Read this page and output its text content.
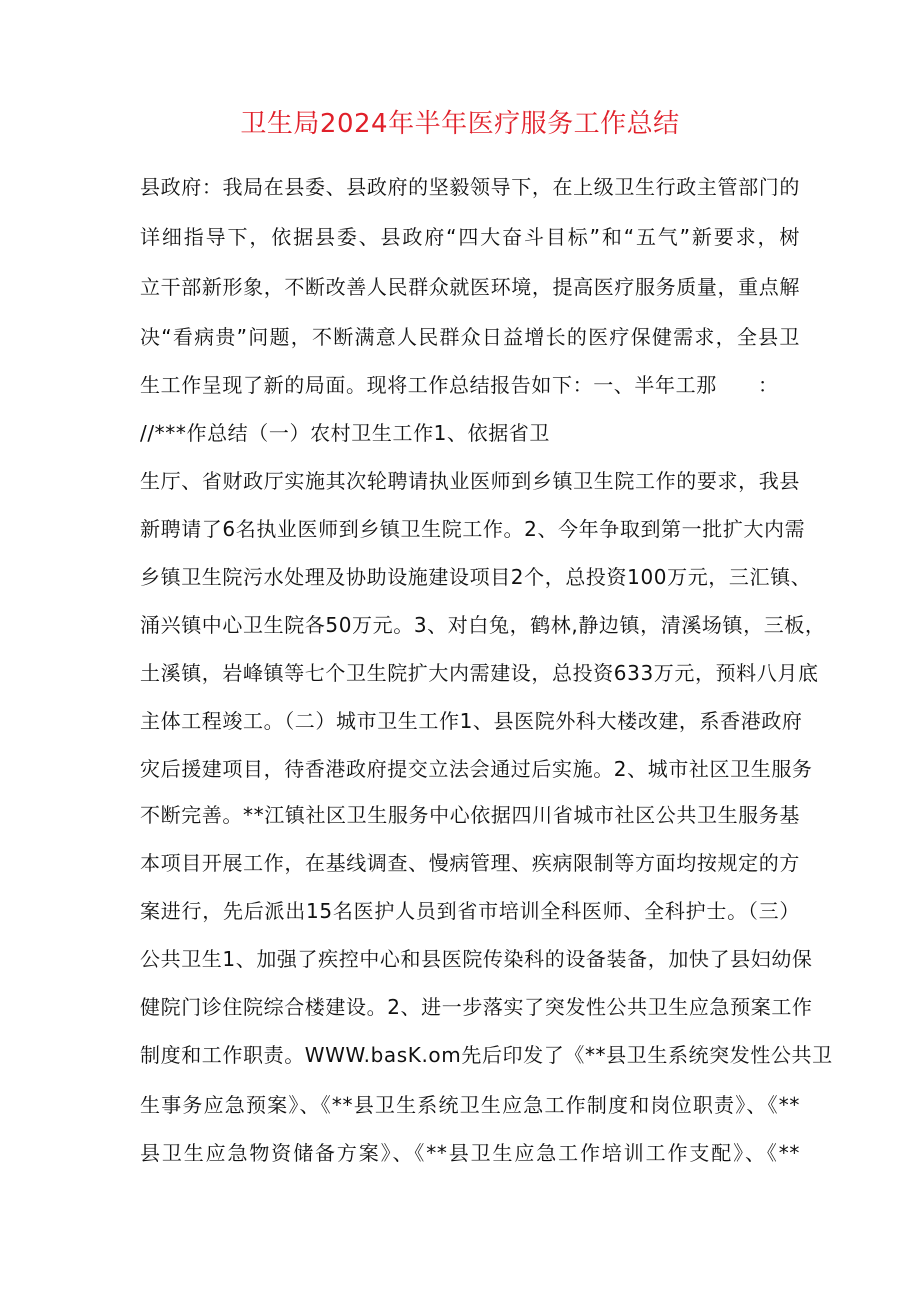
卫生局2024年半年医疗服务工作总结
县政府：我局在县委、县政府的坚毅领导下，在上级卫生行政主管部门的
详细指导下，依据县委、县政府“四大奋斗目标”和“五气”新要求，树
立干部新形象，不断改善人民群众就医环境，提高医疗服务质量，重点解
决“看病贵”问题，不断满意人民群众日益增长的医疗保健需求，全县卫
生工作呈现了新的局面。现将工作总结报告如下：一、半年工那　　：
//***作总结（一）农村卫生工作1、依据省卫
生厅、省财政厅实施其次轮聘请执业医师到乡镇卫生院工作的要求，我县
新聘请了6名执业医师到乡镇卫生院工作。2、今年争取到第一批扩大内需
乡镇卫生院污水处理及协助设施建设项目2个，总投资100万元，三汇镇、
涌兴镇中心卫生院各50万元。3、对白兔，鹤林,静边镇，清溪场镇，三板，
土溪镇，岩峰镇等七个卫生院扩大内需建设，总投资633万元，预料八月底
主体工程竣工。（二）城市卫生工作1、县医院外科大楼改建，系香港政府
灾后援建项目，待香港政府提交立法会通过后实施。2、城市社区卫生服务
不断完善。**江镇社区卫生服务中心依据四川省城市社区公共卫生服务基
本项目开展工作，在基线调查、慢病管理、疾病限制等方面均按规定的方
案进行，先后派出15名医护人员到省市培训全科医师、全科护士。（三）
公共卫生1、加强了疾控中心和县医院传染科的设备装备，加快了县妇幼保
健院门诊住院综合楼建设。2、进一步落实了突发性公共卫生应急预案工作
制度和工作职责。WWW.basK.om先后印发了《**县卫生系统突发性公共卫
生事务应急预案》、《**县卫生系统卫生应急工作制度和岗位职责》、《**
县卫生应急物资储备方案》、《**县卫生应急工作培训工作支配》、《**
